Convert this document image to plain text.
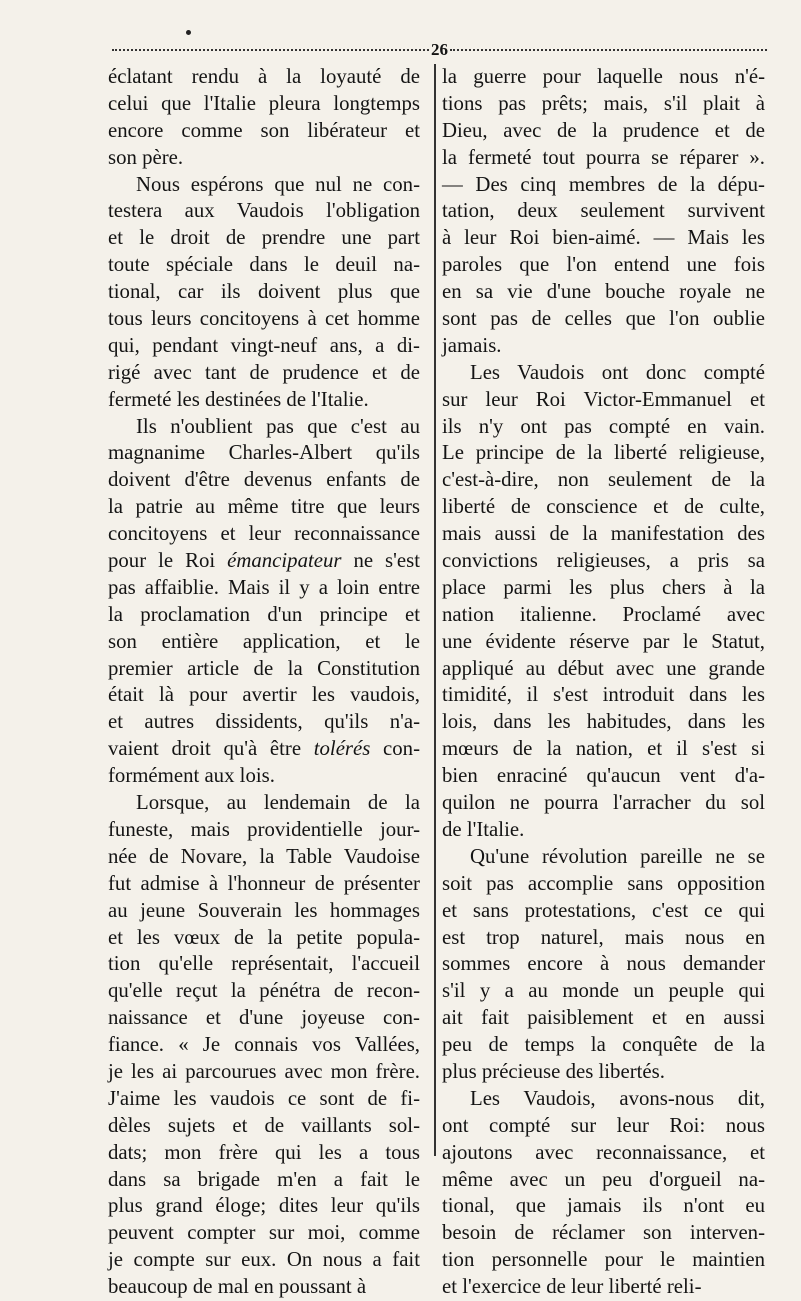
26
éclatant rendu à la loyauté de
celui que l'Italie pleura longtemps
encore comme son libérateur et
son père.
Nous espérons que nul ne con-
testera aux Vaudois l'obligation
et le droit de prendre une part
toute spéciale dans le deuil na-
tional, car ils doivent plus que
tous leurs concitoyens à cet homme
qui, pendant vingt-neuf ans, a di-
rigé avec tant de prudence et de
fermeté les destinées de l'Italie.
Ils n'oublient pas que c'est au
magnanime Charles-Albert qu'ils
doivent d'être devenus enfants de
la patrie au même titre que leurs
concitoyens et leur reconnaissance
pour le Roi émancipateur ne s'est
pas affaiblie. Mais il y a loin entre
la proclamation d'un principe et
son entière application, et le
premier article de la Constitution
était là pour avertir les vaudois,
et autres dissidents, qu'ils n'a-
vaient droit qu'à être tolérés con-
formément aux lois.
Lorsque, au lendemain de la
funeste, mais providentielle jour-
née de Novare, la Table Vaudoise
fut admise à l'honneur de présenter
au jeune Souverain les hommages
et les vœux de la petite popula-
tion qu'elle représentait, l'accueil
qu'elle reçut la pénétra de recon-
naissance et d'une joyeuse con-
fiance. « Je connais vos Vallées,
je les ai parcourues avec mon frère.
J'aime les vaudois ce sont de fi-
dèles sujets et de vaillants sol-
dats; mon frère qui les a tous
dans sa brigade m'en a fait le
plus grand éloge; dites leur qu'ils
peuvent compter sur moi, comme
je compte sur eux. On nous a fait
beaucoup de mal en poussant à
la guerre pour laquelle nous n'é-
tions pas prêts; mais, s'il plait à
Dieu, avec de la prudence et de
la fermeté tout pourra se réparer ».
— Des cinq membres de la dépu-
tation, deux seulement survivent
à leur Roi bien-aimé. — Mais les
paroles que l'on entend une fois
en sa vie d'une bouche royale ne
sont pas de celles que l'on oublie
jamais.
Les Vaudois ont donc compté
sur leur Roi Victor-Emmanuel et
ils n'y ont pas compté en vain.
Le principe de la liberté religieuse,
c'est-à-dire, non seulement de la
liberté de conscience et de culte,
mais aussi de la manifestation des
convictions religieuses, a pris sa
place parmi les plus chers à la
nation italienne. Proclamé avec
une évidente réserve par le Statut,
appliqué au début avec une grande
timidité, il s'est introduit dans les
lois, dans les habitudes, dans les
mœurs de la nation, et il s'est si
bien enraciné qu'aucun vent d'a-
quilon ne pourra l'arracher du sol
de l'Italie.
Qu'une révolution pareille ne se
soit pas accomplie sans opposition
et sans protestations, c'est ce qui
est trop naturel, mais nous en
sommes encore à nous demander
s'il y a au monde un peuple qui
ait fait paisiblement et en aussi
peu de temps la conquête de la
plus précieuse des libertés.
Les Vaudois, avons-nous dit,
ont compté sur leur Roi: nous
ajoutons avec reconnaissance, et
même avec un peu d'orgueil na-
tional, que jamais ils n'ont eu
besoin de réclamer son interven-
tion personnelle pour le maintien
et l'exercice de leur liberté reli-
